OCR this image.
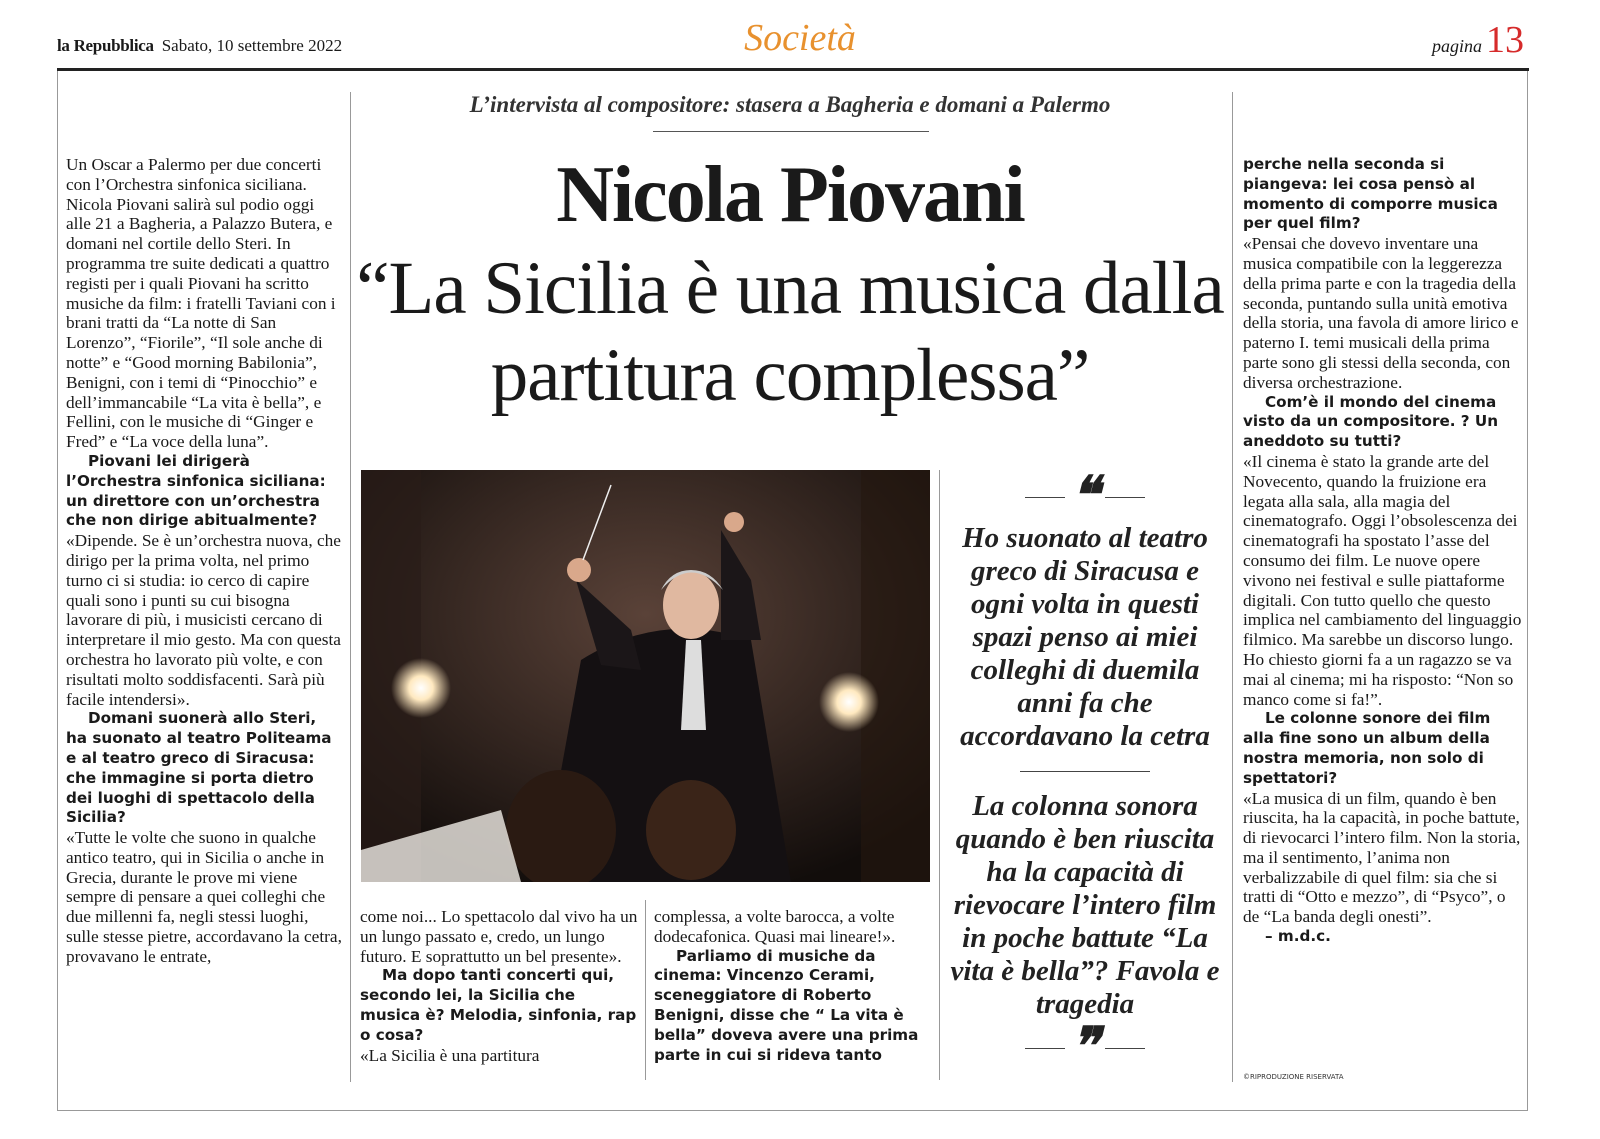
la Repubblica Sabato, 10 settembre 2022	Società	pagina 13
L’intervista al compositore: stasera a Bagheria e domani a Palermo
Nicola Piovani
“La Sicilia è una musica dalla partitura complessa”

Un Oscar a Palermo per due concerti con l’Orchestra sinfonica siciliana. Nicola Piovani salirà sul podio oggi alle 21 a Bagheria, a Palazzo Butera, e domani nel cortile dello Steri. In programma tre suite dedicati a quattro registi per i quali Piovani ha scritto musiche da film: i fratelli Taviani con i brani tratti da “La notte di San Lorenzo”, “Fiorile”, “Il sole anche di notte” e “Good morning Babilonia”, Benigni, con i temi di “Pinocchio” e dell’immancabile “La vita è bella”, e Fellini, con le musiche di “Ginger e Fred” e “La voce della luna”.

Piovani lei dirigerà l’Orchestra sinfonica siciliana: un direttore con un’orchestra che non dirige abitualmente?

«Dipende. Se è un’orchestra nuova, che dirigo per la prima volta, nel primo turno ci si studia: io cerco di capire quali sono i punti su cui bisogna lavorare di più, i musicisti cercano di interpretare il mio gesto. Ma con questa orchestra ho lavorato più volte, e con risultati molto soddisfacenti. Sarà più facile intendersi».

Domani suonerà allo Steri, ha suonato al teatro Politeama e al teatro greco di Siracusa: che immagine si porta dietro dei luoghi di spettacolo della Sicilia?

«Tutte le volte che suono in qualche antico teatro, qui in Sicilia o anche in Grecia, durante le prove mi viene sempre di pensare a quei colleghi che due millenni fa, negli stessi luoghi, sulle stesse pietre, accordavano la cetra, provavano le entrate,

come noi... Lo spettacolo dal vivo ha un un lungo passato e, credo, un lungo futuro. E soprattutto un bel presente».

Ma dopo tanti concerti qui, secondo lei, la Sicilia che musica è? Melodia, sinfonia, rap o cosa?

«La Sicilia è una partitura

complessa, a volte barocca, a volte dodecafonica. Quasi mai lineare!».

Parliamo di musiche da cinema: Vincenzo Cerami, sceneggiatore di Roberto Benigni, disse che “ La vita è bella” doveva avere una prima parte in cui si rideva tanto

perche nella seconda si piangeva: lei cosa pensò al momento di comporre musica per quel film?

«Pensai che dovevo inventare una musica compatibile con la leggerezza della prima parte e con la tragedia della seconda, puntando sulla unità emotiva della storia, una favola di amore lirico e paterno I. temi musicali della prima parte sono gli stessi della seconda, con diversa orchestrazione.

Com’è il mondo del cinema visto da un compositore. ? Un aneddoto su tutti?

«Il cinema è stato la grande arte del Novecento, quando la fruizione era legata alla sala, alla magia del cinematografo. Oggi l’obsolescenza dei cinematografi ha spostato l’asse del consumo dei film. Le nuove opere vivono nei festival e sulle piattaforme digitali. Con tutto quello che questo implica nel cambiamento del linguaggio filmico. Ma sarebbe un discorso lungo. Ho chiesto giorni fa a un ragazzo se va mai al cinema; mi ha risposto: “Non so manco come si fa!”.

Le colonne sonore dei film alla fine sono un album della nostra memoria, non solo di spettatori?

«La musica di un film, quando è ben riuscita, ha la capacità, in poche battute, di rievocarci l’intero film. Non la storia, ma il sentimento, l’anima non verbalizzabile di quel film: sia che si tratti di “Otto e mezzo”, di “Psyco”, o de “La banda degli onesti”.

– m.d.c.

❝
Ho suonato al teatro greco di Siracusa e ogni volta in questi spazi penso ai miei colleghi di duemila anni fa che accordavano la cetra
La colonna sonora quando è ben riuscita ha la capacità di rievocare l’intero film in poche battute “La vita è bella”? Favola e tragedia
❞
©RIPRODUZIONE RISERVATA
